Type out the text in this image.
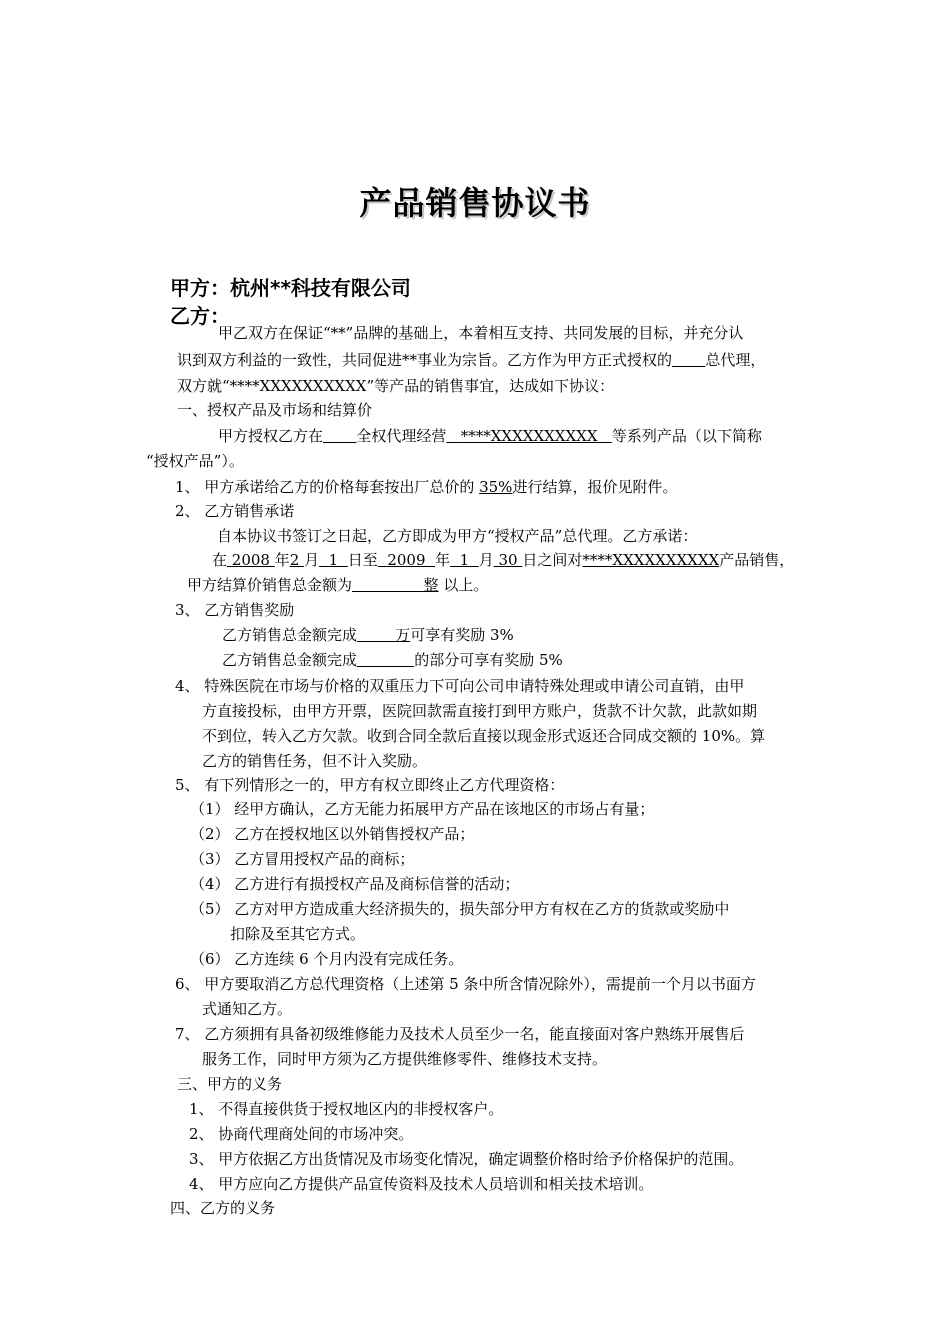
产品销售协议书
甲方：杭州**科技有限公司
乙方：
甲乙双方在保证“**”品牌的基础上，本着相互支持、共同发展的目标，并充分认
识到双方利益的一致性，共同促进**事业为宗旨。乙方作为甲方正式授权的 总代理，
双方就“****XXXXXXXXXX”等产品的销售事宜，达成如下协议：
一、授权产品及市场和结算价
甲方授权乙方在 全权代理经营 ****XXXXXXXXXX 等系列产品（以下简称
“授权产品”）。
1、 甲方承诺给乙方的价格每套按出厂总价的 35%进行结算，报价见附件。
2、 乙方销售承诺
自本协议书签订之日起，乙方即成为甲方“授权产品”总代理。乙方承诺：
在 2008 年2 月 1 日至 2009 年 1 月 30 日之间对****XXXXXXXXXX产品销售，
甲方结算价销售总金额为	整 以上。
3、 乙方销售奖励
乙方销售总金额完成	万可享有奖励 3%
乙方销售总金额完成	的部分可享有奖励 5%
4、 特殊医院在市场与价格的双重压力下可向公司申请特殊处理或申请公司直销，由甲
方直接投标，由甲方开票，医院回款需直接打到甲方账户，货款不计欠款，此款如期
不到位，转入乙方欠款。收到合同全款后直接以现金形式返还合同成交额的 10%。算
乙方的销售任务，但不计入奖励。
5、 有下列情形之一的，甲方有权立即终止乙方代理资格：
（1） 经甲方确认，乙方无能力拓展甲方产品在该地区的市场占有量；
（2） 乙方在授权地区以外销售授权产品；
（3） 乙方冒用授权产品的商标；
（4） 乙方进行有损授权产品及商标信誉的活动；
（5） 乙方对甲方造成重大经济损失的，损失部分甲方有权在乙方的货款或奖励中
扣除及至其它方式。
（6） 乙方连续 6 个月内没有完成任务。
6、 甲方要取消乙方总代理资格（上述第 5 条中所含情况除外），需提前一个月以书面方
式通知乙方。
7、 乙方须拥有具备初级维修能力及技术人员至少一名，能直接面对客户熟练开展售后
服务工作，同时甲方须为乙方提供维修零件、维修技术支持。
三、甲方的义务
1、 不得直接供货于授权地区内的非授权客户。
2、 协商代理商处间的市场冲突。
3、 甲方依据乙方出货情况及市场变化情况，确定调整价格时给予价格保护的范围。
4、 甲方应向乙方提供产品宣传资料及技术人员培训和相关技术培训。
四、乙方的义务
